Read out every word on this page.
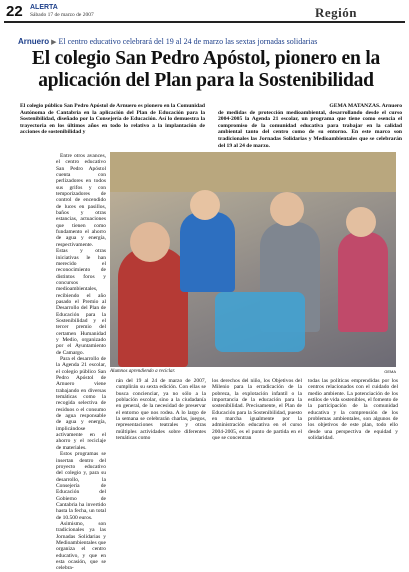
22 ALERTA
Sábado 17 de marzo de 2007	Región
Arnuero ▶ El centro educativo celebrará del 19 al 24 de marzo las sextas jornadas solidarias
El colegio San Pedro Apóstol, pionero en la aplicación del Plan para la Sostenibilidad
El colegio público San Pedro Apóstol de Arnuero es pionero en la Comunidad Autónoma de Cantabria en la aplicación del Plan de Educación para la Sostenibilidad, diseñado por la Consejería de Educación. Así lo demuestra la trayectoria en los últimos años en todo lo relativo a la implantación de acciones de sostenibilidad y
GEMA MATANZAS. Arnuero
de medidas de protección medioambiental, desarrollando desde el curso 2004-2005 la Agenda 21 escolar, un programa que tiene como esencia el compromiso de la comunidad educativa para trabajar en la calidad ambiental tanto del centro como de su entorno. En este marco son tradicionales las Jornadas Solidarias y Medioambientales que se celebrarán del 19 al 24 de marzo.

Entre otros avances, el centro educativo San Pedro Apóstol cuenta con perlizadores en todos sus grifos y con temporizadores de control de encendido de luces en pasillos, baños y otras estancias, actuaciones que tienen como fundamento el ahorro de agua y energía, respectivamente. Estas y otras iniciativas le han merecido el reconocimiento de distintos foros y concursos medioambientales, recibiendo el año pasado el Premio al Desarrollo del Plan de Educación para la Sostenibilidad y el tercer premio del certamen Humanidad y Medio, organizado por el Ayuntamiento de Camargo.

Para el desarrollo de la Agenda 21 escolar, el colegio público San Pedro Apóstol de Arnuero viene trabajando en diversas temáticas como la recogida selectiva de residuos o el consumo de agua responsable de agua y energía, implicándose activamente en el ahorro y el reciclaje de materiales.

Estos programas se insertan dentro del proyecto educativo del colegio y, para su desarrollo, la Consejería de Educación del Gobierno de Cantabria ha invertido hasta la fecha, un total de 10.500 euros.

Asimismo, son tradicionales ya las Jornadas Solidarias y Medioambientales que organiza el centro educativo, y que en esta ocasión, que se celebra-

Alumnos aprendiendo a reciclar.	GEMA

rán del 19 al 24 de marzo de 2007, cumplirán su sexta edición. Con ellas se busca concienciar, ya no sólo a la población escolar, sino a la ciudadanía en general, de la necesidad de preservar el entorno que nos rodea. A lo largo de la semana se celebrarán charlas, juegos, representaciones teatrales y otras múltiples actividades sobre diferentes temáticas como

los derechos del niño, los Objetivos del Milenio para la erradicación de la pobreza, la explotación infantil o la importancia de la educación para la sostenibilidad. Precisamente, el Plan de Educación para la Sostenibilidad, puesto en marcha igualmente por la administración educativa en el curso 2004-2005, es el punto de partida en el que se concentran

todas las políticas emprendidas por los centros relacionados con el cuidado del medio ambiente. La potenciación de los estilos de vida sostenibles, el fomento de la participación de la comunidad educativa y la comprensión de los problemas ambientales, son algunos de los objetivos de este plan, todo ello desde una perspectiva de equidad y solidaridad.
